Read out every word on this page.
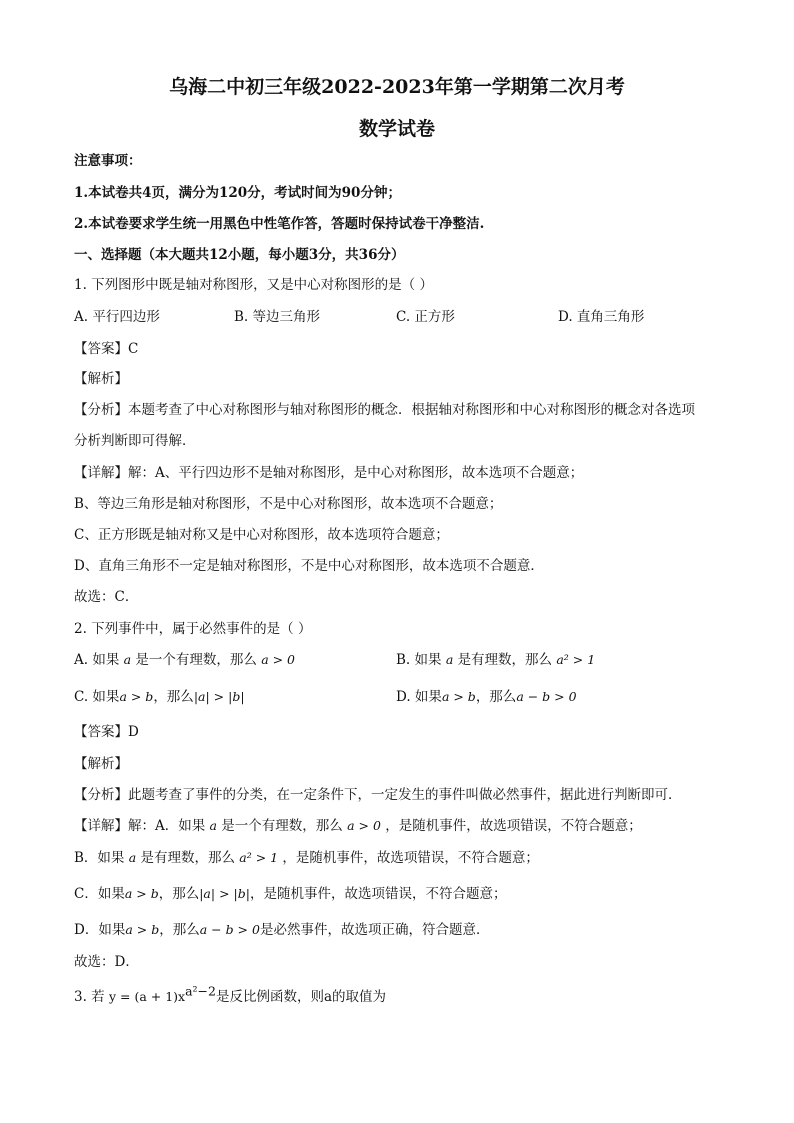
乌海二中初三年级2022-2023年第一学期第二次月考
数学试卷
注意事项：
1.本试卷共4页，满分为120分，考试时间为90分钟；
2.本试卷要求学生统一用黑色中性笔作答，答题时保持试卷干净整洁.
一、选择题（本大题共12小题，每小题3分，共36分）
1. 下列图形中既是轴对称图形，又是中心对称图形的是（ ）
A. 平行四边形	B. 等边三角形	C. 正方形	D. 直角三角形
【答案】C
【解析】
【分析】本题考查了中心对称图形与轴对称图形的概念．根据轴对称图形和中心对称图形的概念对各选项
分析判断即可得解．
【详解】解：A、平行四边形不是轴对称图形，是中心对称图形，故本选项不合题意；
B、等边三角形是轴对称图形，不是中心对称图形，故本选项不合题意；
C、正方形既是轴对称又是中心对称图形，故本选项符合题意；
D、直角三角形不一定是轴对称图形，不是中心对称图形，故本选项不合题意．
故选：C．
2. 下列事件中，属于必然事件的是（ ）
A. 如果 a 是一个有理数，那么 a > 0	B. 如果 a 是有理数，那么 a² > 1
C. 如果a > b，那么|a| > |b|	D. 如果a > b，那么a − b > 0
【答案】D
【解析】
【分析】此题考查了事件的分类，在一定条件下，一定发生的事件叫做必然事件，据此进行判断即可．
【详解】解：A．如果 a 是一个有理数，那么 a > 0 ，是随机事件，故选项错误，不符合题意；
B．如果 a 是有理数，那么 a² > 1 ，是随机事件，故选项错误，不符合题意；
C．如果a > b，那么|a| > |b|，是随机事件，故选项错误，不符合题意；
D．如果a > b，那么a − b > 0是必然事件，故选项正确，符合题意．
故选：D．
3. 若 $y = (a + 1)x^{a^2-2}$是反比例函数，则a的取值为
